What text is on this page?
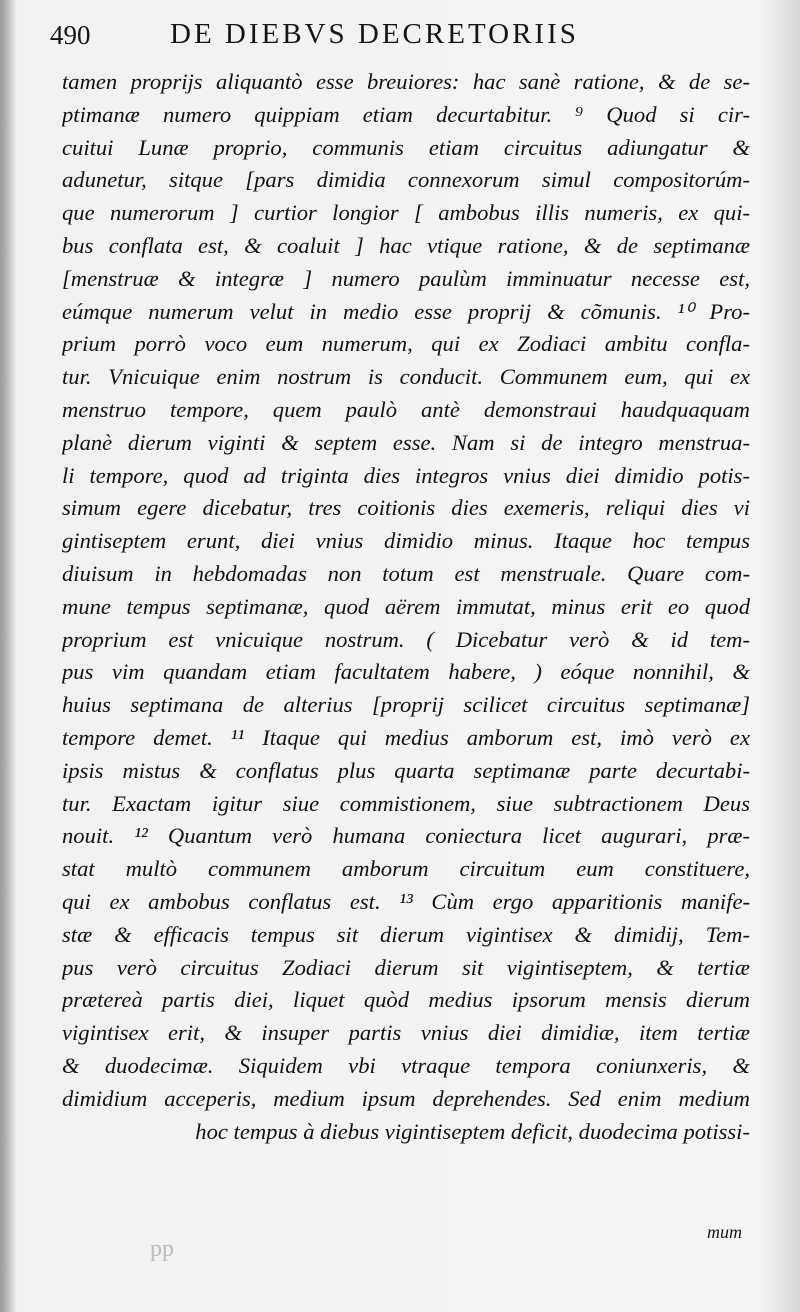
490	DE DIEBVS DECRETORIIS
tamen proprijs aliquantò esse breuiores: hac sanè ratione, & de se-
ptimanæ numero quippiam etiam decurtabitur. ⁹ Quod si cir-
cuitui Lunæ proprio, communis etiam circuitus adiungatur &
adunetur, sitque [pars dimidia connexorum simul compositorúm-
que numerorum ] curtior longior [ ambobus illis numeris, ex qui-
bus conflata est, & coaluit ] hac vtique ratione, & de septimanæ
[menstruæ & integræ ] numero paulùm imminuatur necesse est,
eúmque numerum velut in medio esse proprij & cõmunis. ¹⁰ Pro-
prium porrò voco eum numerum, qui ex Zodiaci ambitu confla-
tur. Vnicuique enim nostrum is conducit. Communem eum, qui ex
menstruo tempore, quem paulò antè demonstraui haudquaquam
planè dierum viginti & septem esse. Nam si de integro menstrua-
li tempore, quod ad triginta dies integros vnius diei dimidio potis-
simum egere dicebatur, tres coitionis dies exemeris, reliqui dies vi
gintiseptem erunt, diei vnius dimidio minus. Itaque hoc tempus
diuisum in hebdomadas non totum est menstruale. Quare com-
mune tempus septimanæ, quod aërem immutat, minus erit eo quod
proprium est vnicuique nostrum. ( Dicebatur verò & id tem-
pus vim quandam etiam facultatem habere, ) eóque nonnihil, &
huius septimana de alterius [proprij scilicet circuitus septimanæ]
tempore demet. ¹¹ Itaque qui medius amborum est, imò verò ex
ipsis mistus & conflatus plus quarta septimanæ parte decurtabi-
tur. Exactam igitur siue commistionem, siue subtractionem Deus
nouit. ¹² Quantum verò humana coniectura licet augurari, præ-
stat multò communem amborum circuitum eum constituere,
qui ex ambobus conflatus est. ¹³ Cùm ergo apparitionis manife-
stæ & efficacis tempus sit dierum vigintisex & dimidij, Tem-
pus verò circuitus Zodiaci dierum sit vigintiseptem, & tertiæ
prætereà partis diei, liquet quòd medius ipsorum mensis dierum
vigintisex erit, & insuper partis vnius diei dimidiæ, item tertiæ
& duodecimæ. Siquidem vbi vtraque tempora coniunxeris, &
dimidium acceperis, medium ipsum deprehendes. Sed enim medium
hoc tempus à diebus vigintiseptem deficit, duodecima potissi-
mum
pp
